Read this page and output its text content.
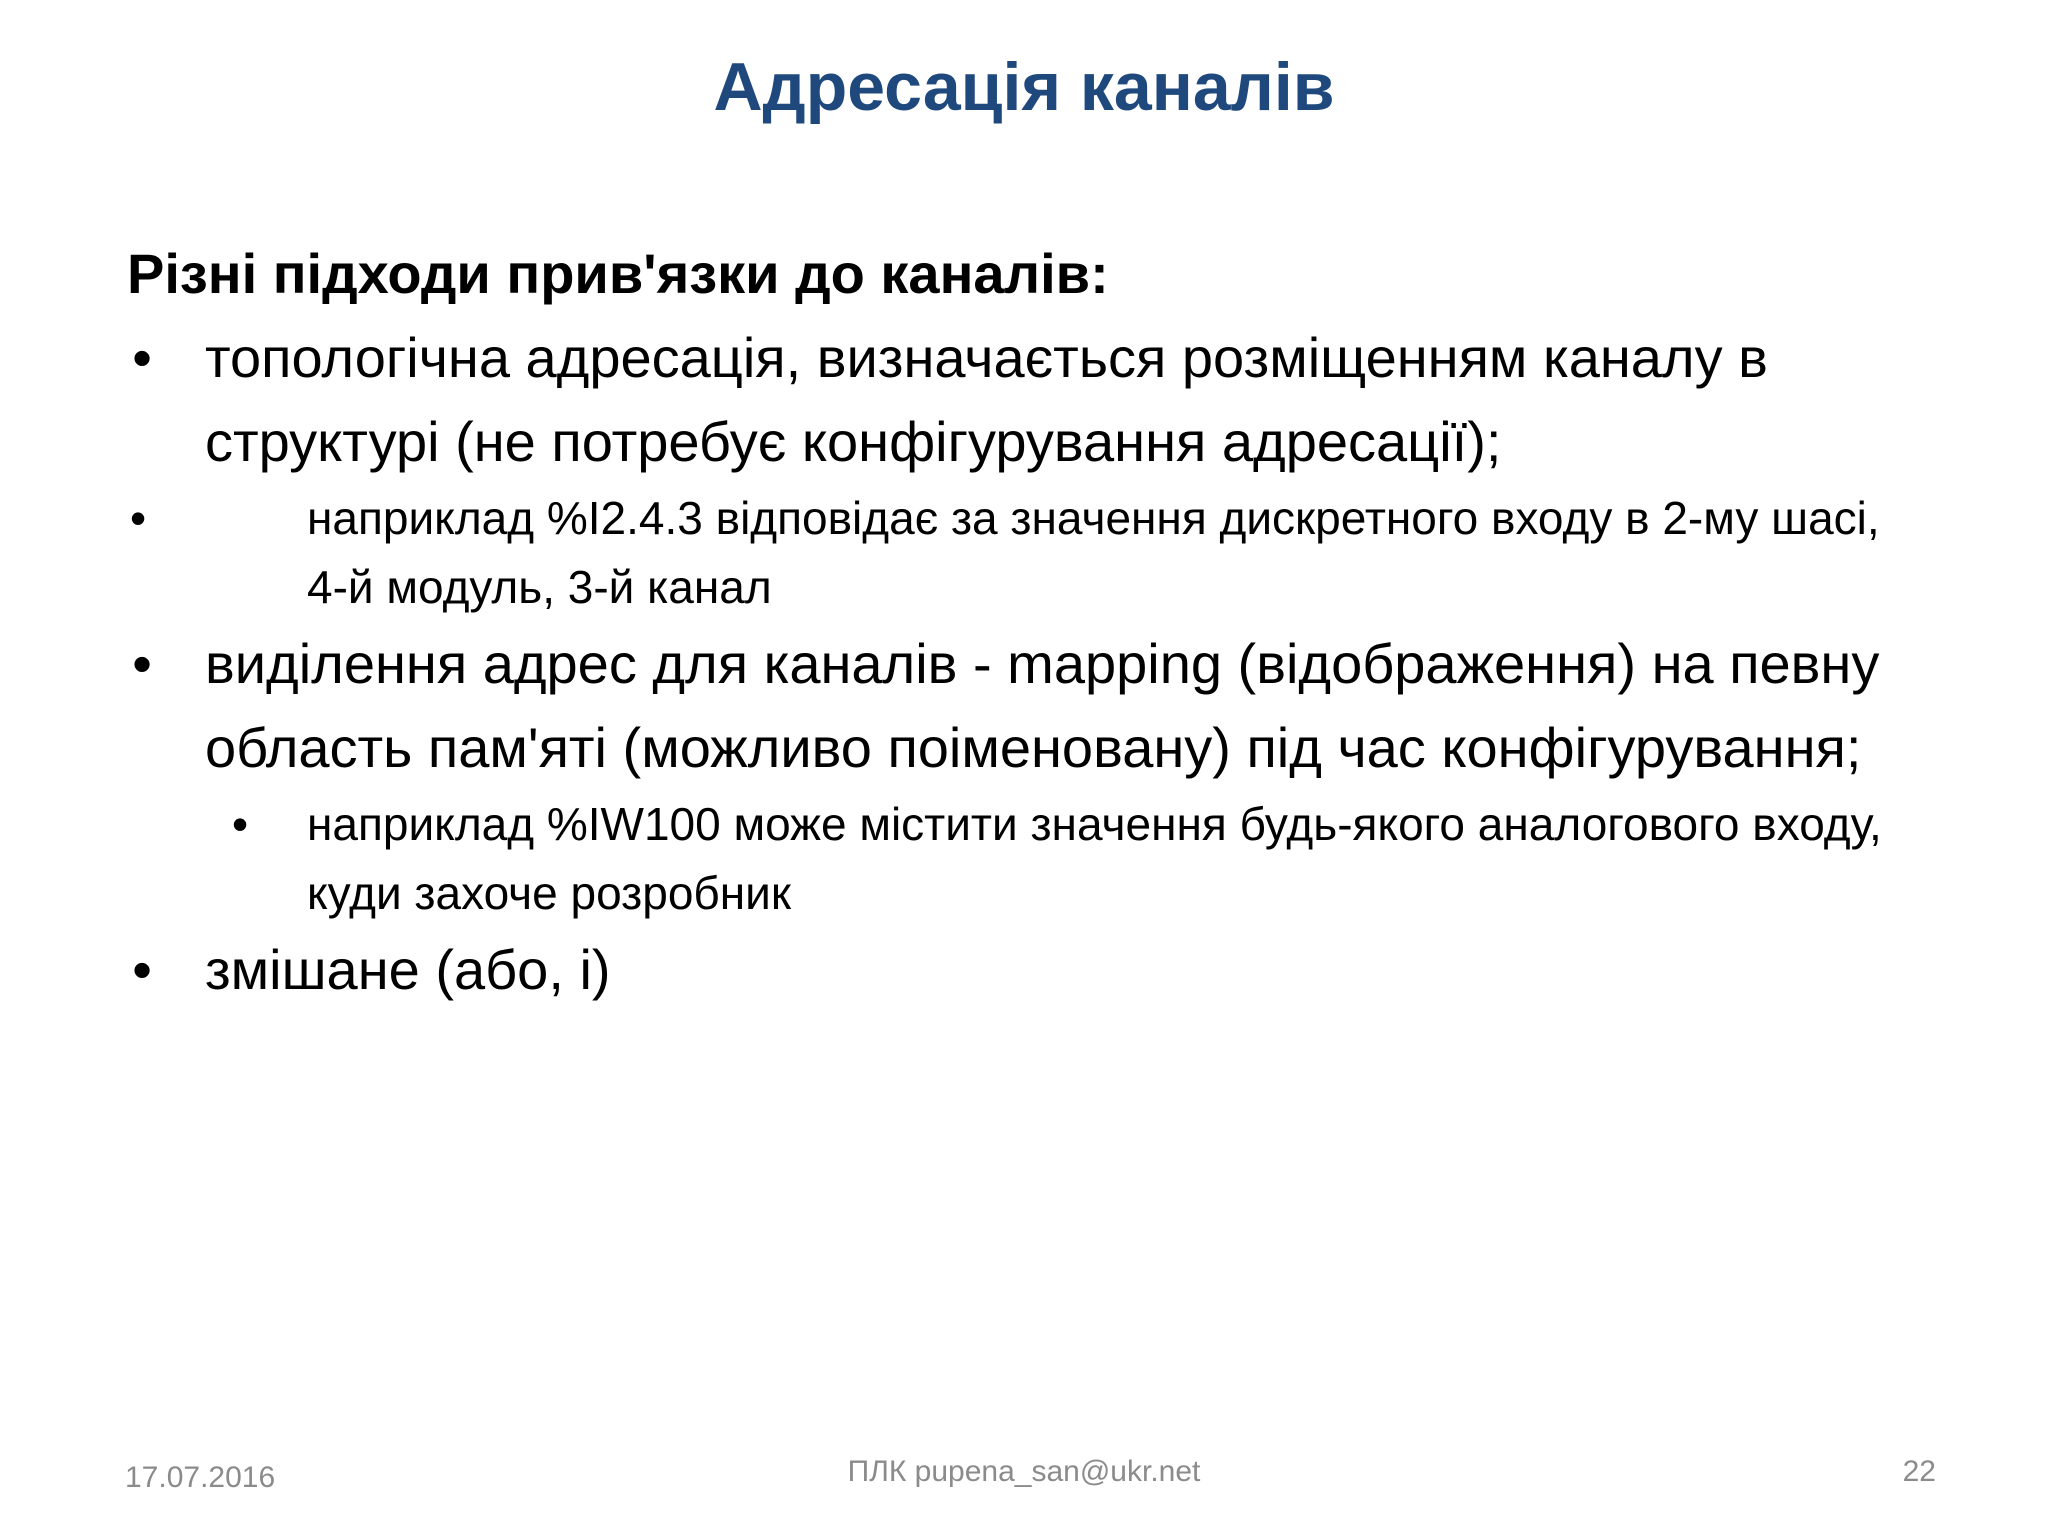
Адресація каналів

Різні підходи прив'язки до каналів:

• топологічна адресація, визначається розміщенням каналу в структурі (не потребує конфігурування адресації);
•	наприклад %I2.4.3 відповідає за значення дискретного входу в 2-му шасі, 4-й модуль, 3-й канал
• виділення адрес для каналів - mapping (відображення) на певну область пам'яті (можливо поіменовану) під час конфігурування;
•	наприклад %IW100 може містити значення будь-якого аналогового входу, куди захоче розробник
• змішане (або, і)
17.07.2016	ПЛК pupena_san@ukr.net	22
